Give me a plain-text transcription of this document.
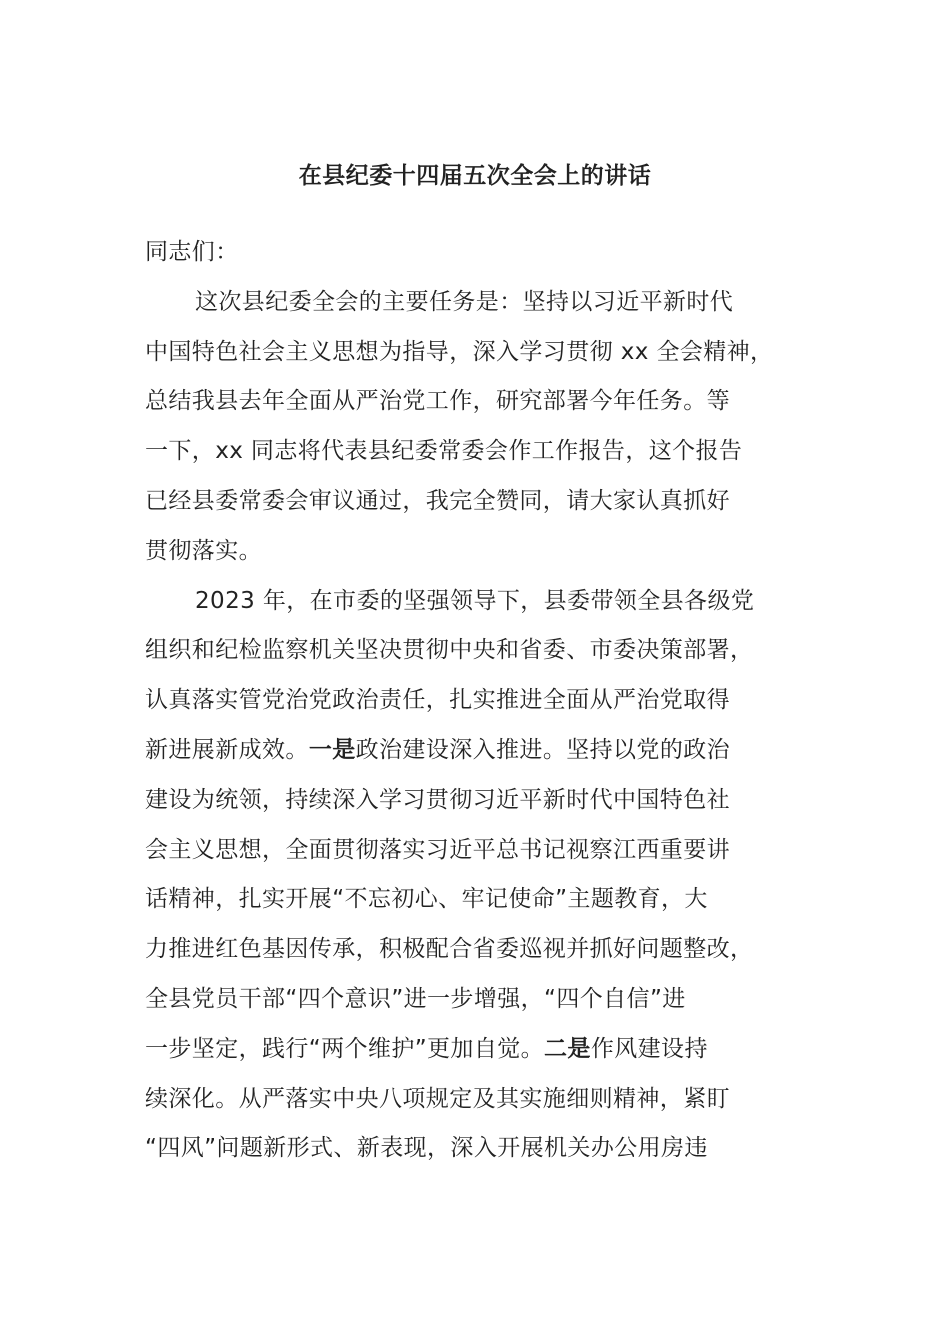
在县纪委十四届五次全会上的讲话
同志们：
这次县纪委全会的主要任务是：坚持以习近平新时代
中国特色社会主义思想为指导，深入学习贯彻 xx 全会精神，
总结我县去年全面从严治党工作，研究部署今年任务。等
一下，xx 同志将代表县纪委常委会作工作报告，这个报告
已经县委常委会审议通过，我完全赞同，请大家认真抓好
贯彻落实。
2023 年，在市委的坚强领导下，县委带领全县各级党
组织和纪检监察机关坚决贯彻中央和省委、市委决策部署，
认真落实管党治党政治责任，扎实推进全面从严治党取得
新进展新成效。一是政治建设深入推进。坚持以党的政治
建设为统领，持续深入学习贯彻习近平新时代中国特色社
会主义思想，全面贯彻落实习近平总书记视察江西重要讲
话精神，扎实开展“不忘初心、牢记使命”主题教育，大
力推进红色基因传承，积极配合省委巡视并抓好问题整改，
全县党员干部“四个意识”进一步增强，“四个自信”进
一步坚定，践行“两个维护”更加自觉。二是作风建设持
续深化。从严落实中央八项规定及其实施细则精神，紧盯
“四风”问题新形式、新表现，深入开展机关办公用房违
